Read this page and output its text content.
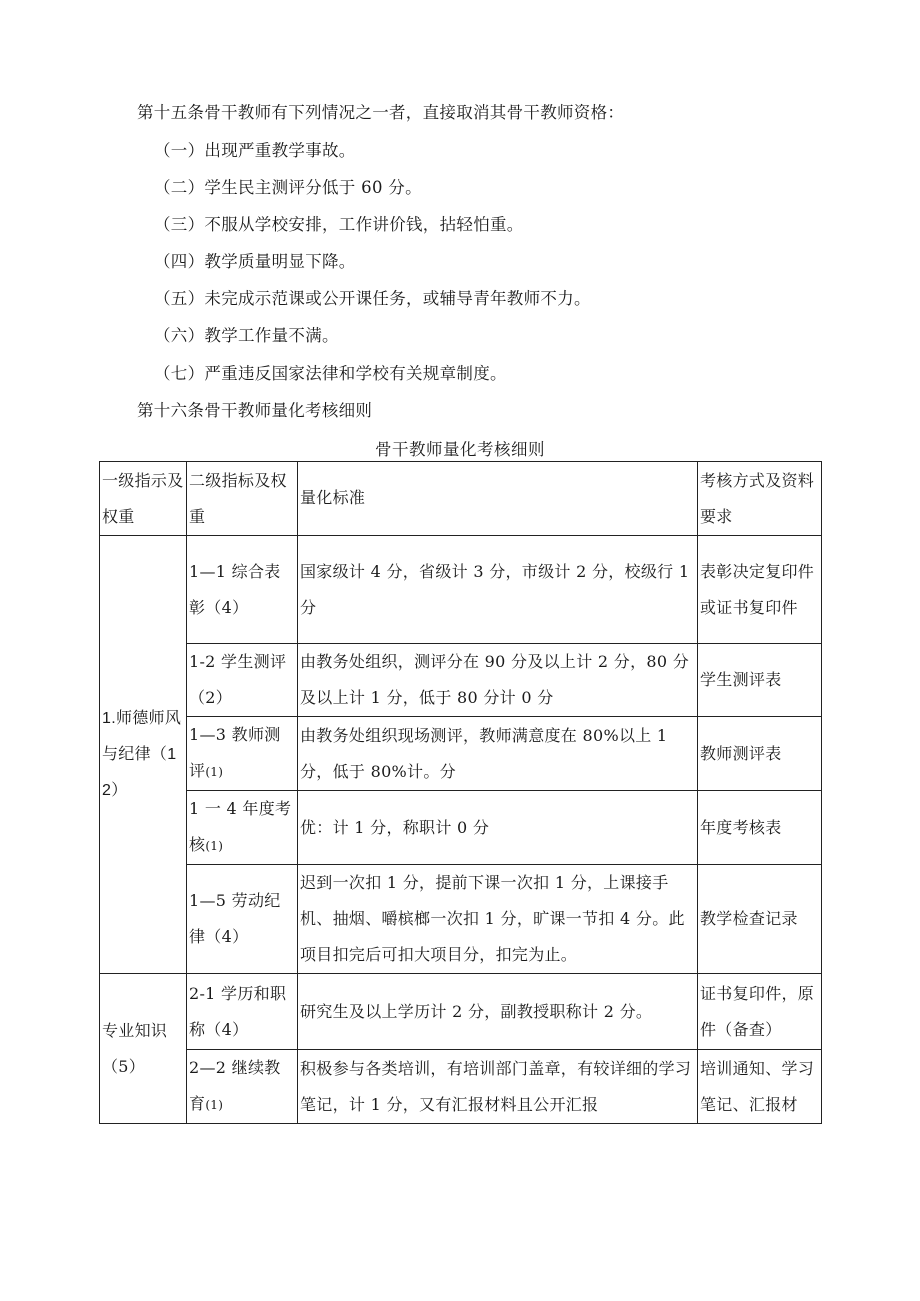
第十五条骨干教师有下列情况之一者，直接取消其骨干教师资格：
（一）出现严重教学事故。
（二）学生民主测评分低于 60 分。
（三）不服从学校安排，工作讲价钱，拈轻怕重。
（四）教学质量明显下降。
（五）未完成示范课或公开课任务，或辅导青年教师不力。
（六）教学工作量不满。
（七）严重违反国家法律和学校有关规章制度。
第十六条骨干教师量化考核细则
骨干教师量化考核细则
一级指示及权重	二级指标及权重	量化标准	考核方式及资料要求

1.师德师风与纪律（12）	1—1 综合表彰（4）	国家级计 4 分，省级计 3 分，市级计 2 分，校级行 1 分	表彰决定复印件或证书复印件

	1-2 学生测评（2）	由教务处组织，测评分在 90 分及以上计 2 分，80 分及以上计 1 分，低于 80 分计 0 分	学生测评表

	1—3 教师测评(1)	由教务处组织现场测评，教师满意度在 80%以上 1 分，低于 80%计。分	教师测评表

	1 一 4 年度考核(1)	优：计 1 分，称职计 0 分	年度考核表

	1—5 劳动纪律（4）	迟到一次扣 1 分，提前下课一次扣 1 分，上课接手机、抽烟、嚼槟榔一次扣 1 分，旷课一节扣 4 分。此项目扣完后可扣大项目分，扣完为止。	教学检查记录

专业知识（5）	2-1 学历和职称（4）	研究生及以上学历计 2 分，副教授职称计 2 分。	证书复印件，原件（备查）

	2—2 继续教育(1)	积极参与各类培训，有培训部门盖章，有较详细的学习笔记，计 1 分，又有汇报材料且公开汇报	培训通知、学习笔记、汇报材
